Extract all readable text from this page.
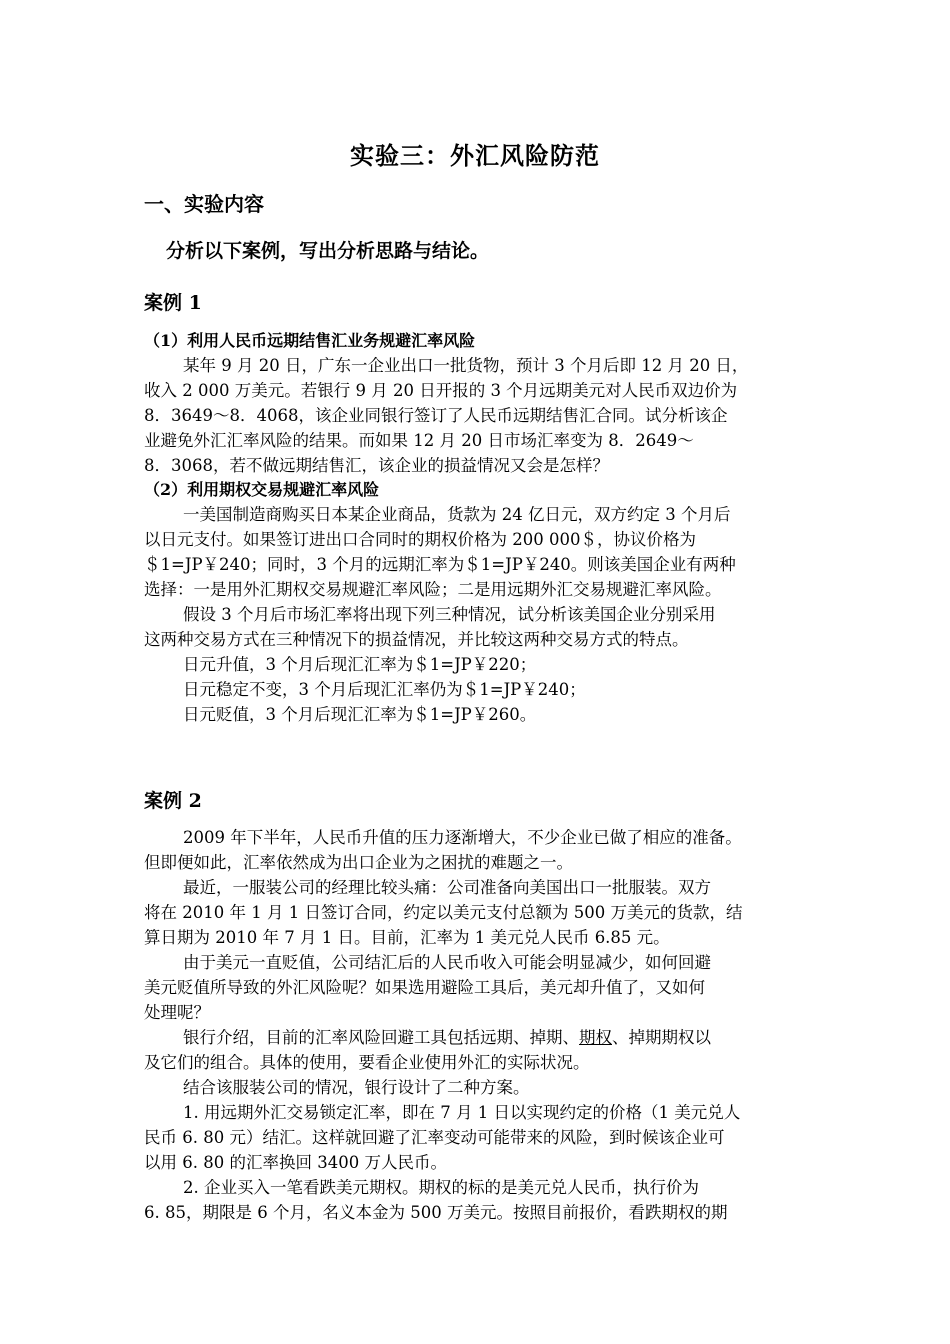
实验三：外汇风险防范
一、实验内容
分析以下案例，写出分析思路与结论。
案例 1
（1）利用人民币远期结售汇业务规避汇率风险
某年 9 月 20 日，广东一企业出口一批货物，预计 3 个月后即 12 月 20 日，
收入 2 000 万美元。若银行 9 月 20 日开报的 3 个月远期美元对人民币双边价为
8．3649～8．4068，该企业同银行签订了人民币远期结售汇合同。试分析该企
业避免外汇汇率风险的结果。而如果 12 月 20 日市场汇率变为 8．2649～
8．3068，若不做远期结售汇，该企业的损益情况又会是怎样？
（2）利用期权交易规避汇率风险
一美国制造商购买日本某企业商品，货款为 24 亿日元，双方约定 3 个月后
以日元支付。如果签订进出口合同时的期权价格为 200 000＄，协议价格为
＄1=JP￥240；同时，3 个月的远期汇率为＄1=JP￥240。则该美国企业有两种
选择：一是用外汇期权交易规避汇率风险；二是用远期外汇交易规避汇率风险。
假设 3 个月后市场汇率将出现下列三种情况，试分析该美国企业分别采用
这两种交易方式在三种情况下的损益情况，并比较这两种交易方式的特点。
日元升值，3 个月后现汇汇率为＄1=JP￥220；
日元稳定不变，3 个月后现汇汇率仍为＄1=JP￥240；
日元贬值，3 个月后现汇汇率为＄1=JP￥260。
案例 2
2009 年下半年，人民币升值的压力逐渐增大，不少企业已做了相应的准备。
但即便如此，汇率依然成为出口企业为之困扰的难题之一。
最近，一服装公司的经理比较头痛：公司准备向美国出口一批服装。双方
将在 2010 年 1 月 1 日签订合同，约定以美元支付总额为 500 万美元的货款，结
算日期为 2010 年 7 月 1 日。目前，汇率为 1 美元兑人民币 6.85 元。
由于美元一直贬值，公司结汇后的人民币收入可能会明显减少，如何回避
美元贬值所导致的外汇风险呢？如果选用避险工具后，美元却升值了，又如何
处理呢？
银行介绍，目前的汇率风险回避工具包括远期、掉期、期权、掉期期权以
及它们的组合。具体的使用，要看企业使用外汇的实际状况。
结合该服装公司的情况，银行设计了二种方案。
1. 用远期外汇交易锁定汇率，即在 7 月 1 日以实现约定的价格（1 美元兑人
民币 6. 80 元）结汇。这样就回避了汇率变动可能带来的风险，到时候该企业可
以用 6. 80 的汇率换回 3400 万人民币。
2. 企业买入一笔看跌美元期权。期权的标的是美元兑人民币，执行价为
6. 85，期限是 6 个月，名义本金为 500 万美元。按照目前报价，看跌期权的期
